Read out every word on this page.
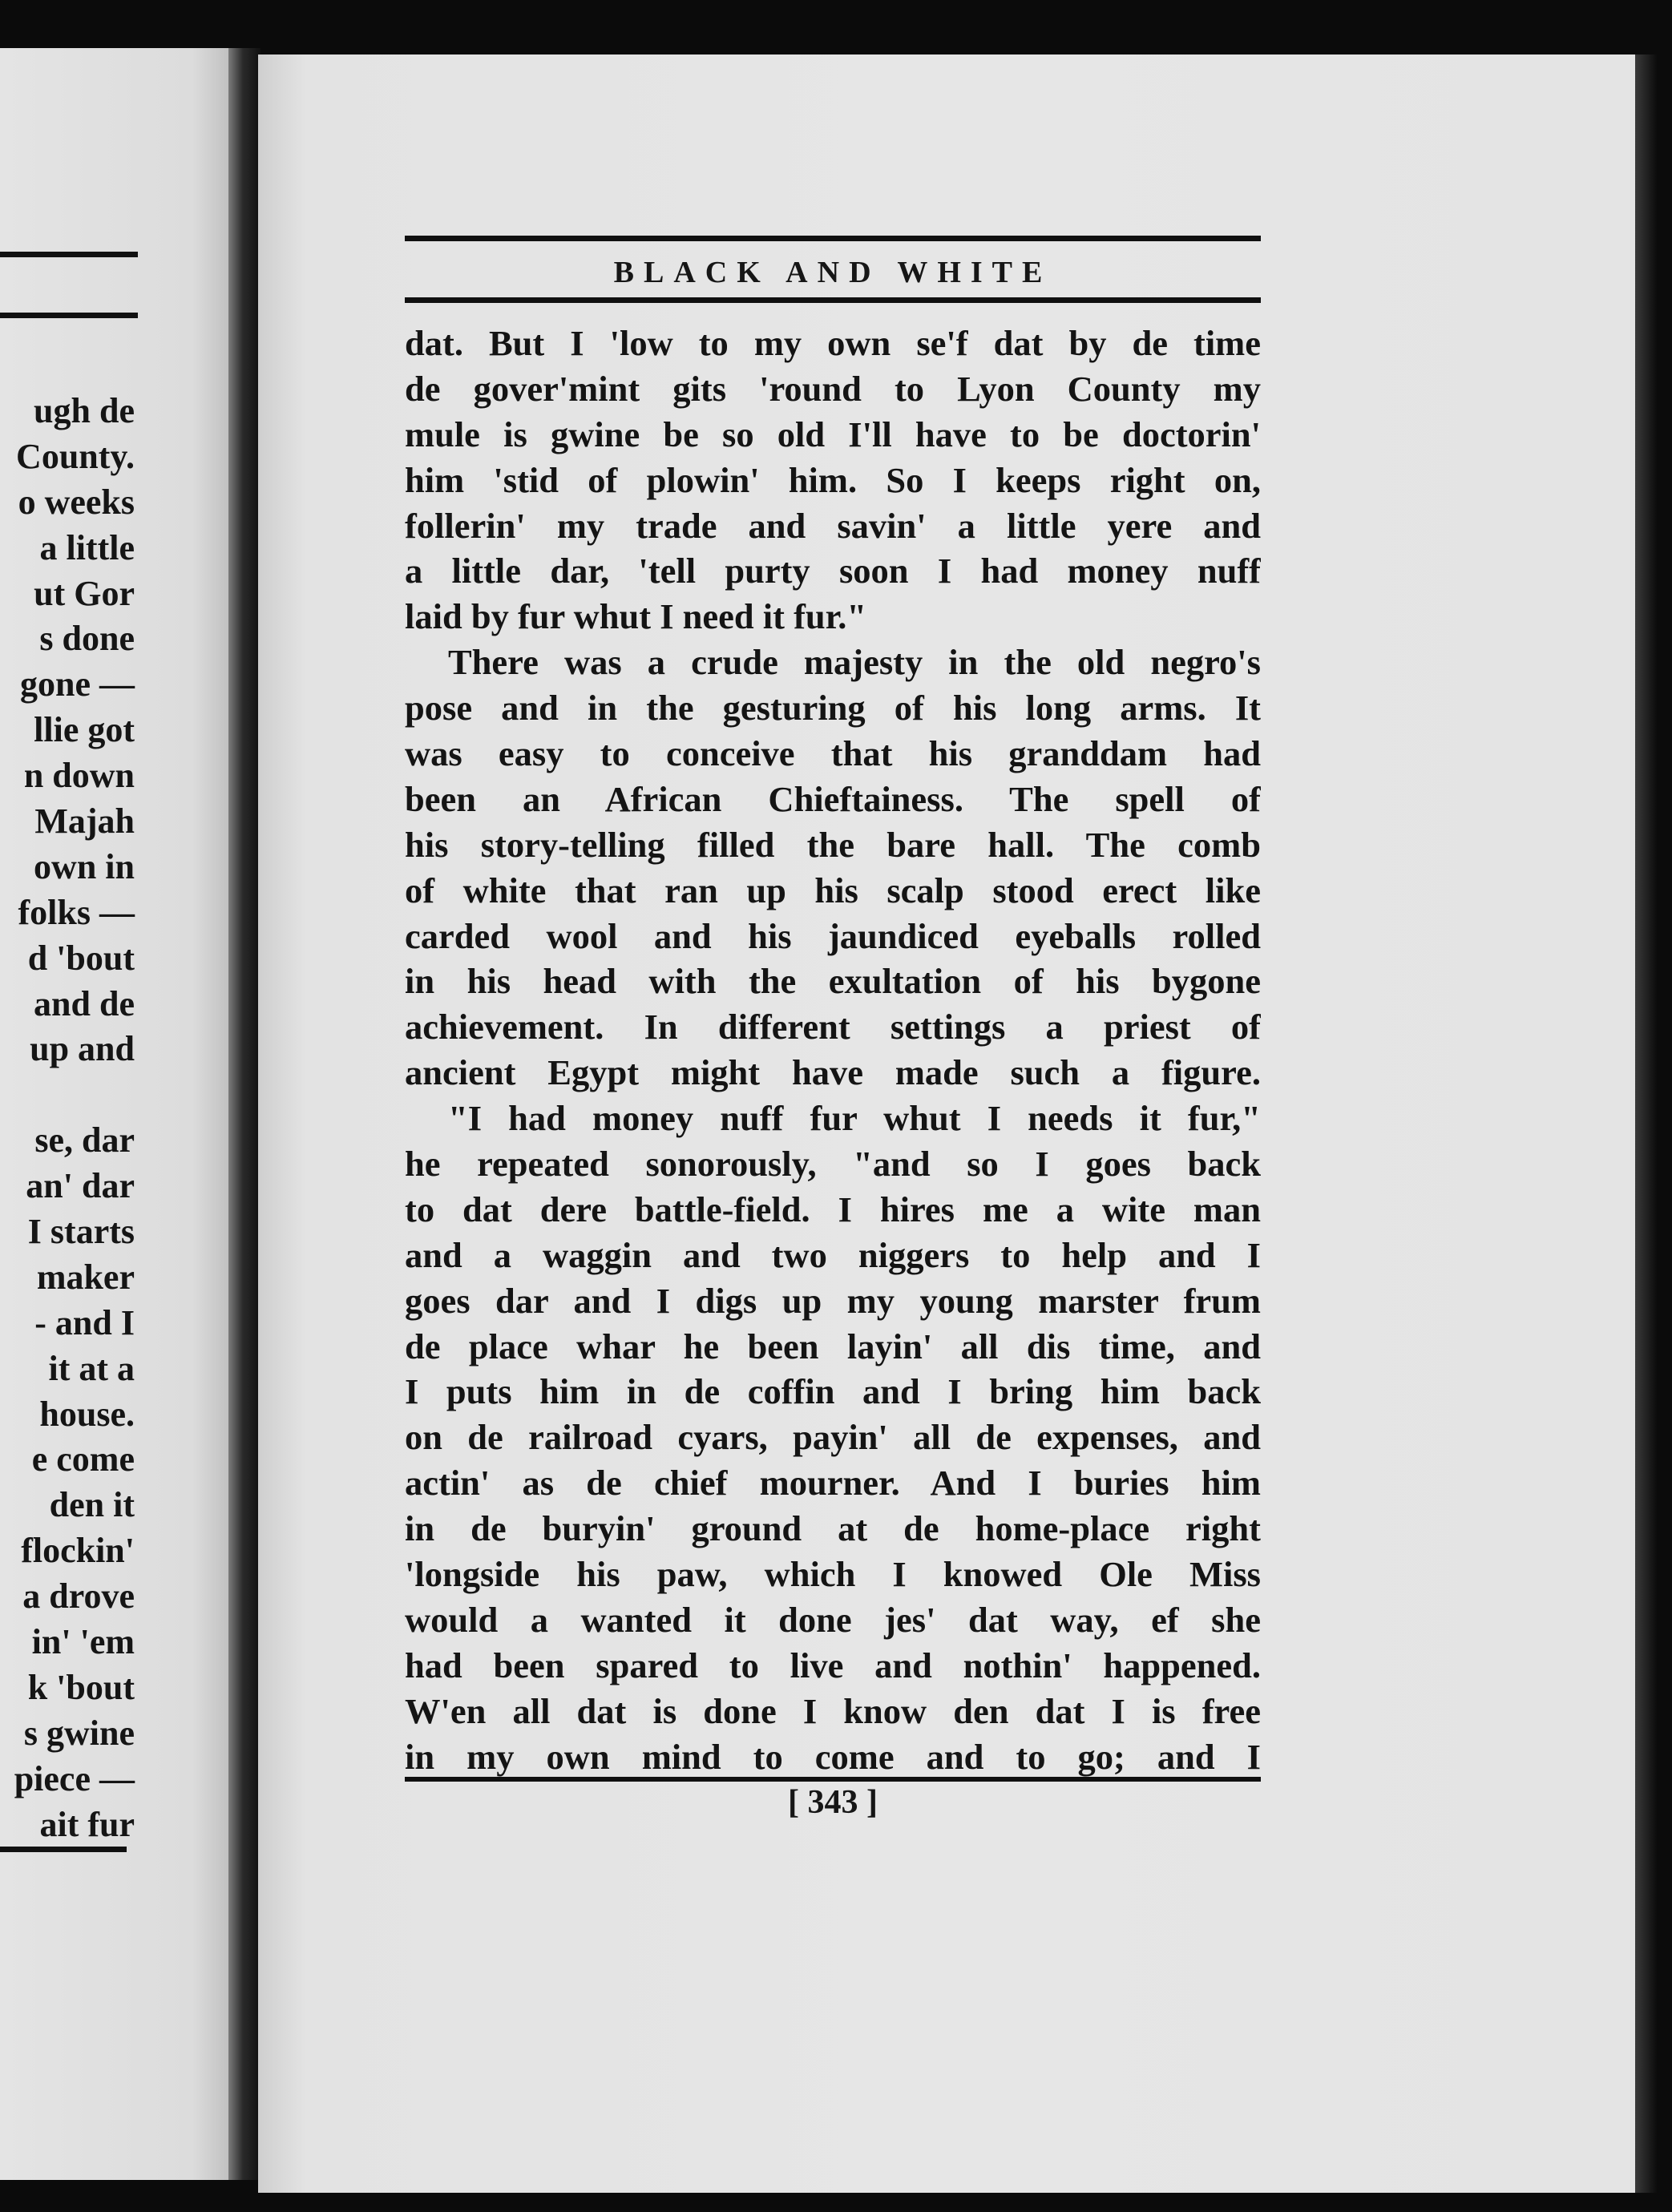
ugh de
County.
o weeks
a little
ut Gor
s done
gone —
llie got
n down
Majah
own in
folks —
d 'bout
and de
up and
se, dar
an' dar
I starts
maker
- and I
it at a
house.
e come
den it
flockin'
a drove
in' 'em
k 'bout
s gwine
piece —
ait fur
BLACK AND WHITE
dat. But I 'low to my own se'f dat by de time
de gover'mint gits 'round to Lyon County my
mule is gwine be so old I'll have to be doctorin'
him 'stid of plowin' him. So I keeps right on,
follerin' my trade and savin' a little yere and
a little dar, 'tell purty soon I had money nuff
laid by fur whut I need it fur."
There was a crude majesty in the old negro's
pose and in the gesturing of his long arms. It
was easy to conceive that his granddam had
been an African Chieftainess. The spell of
his story-telling filled the bare hall. The comb
of white that ran up his scalp stood erect like
carded wool and his jaundiced eyeballs rolled
in his head with the exultation of his bygone
achievement. In different settings a priest of
ancient Egypt might have made such a figure.
"I had money nuff fur whut I needs it fur,"
he repeated sonorously, "and so I goes back
to dat dere battle-field. I hires me a wite man
and a waggin and two niggers to help and I
goes dar and I digs up my young marster frum
de place whar he been layin' all dis time, and
I puts him in de coffin and I bring him back
on de railroad cyars, payin' all de expenses, and
actin' as de chief mourner. And I buries him
in de buryin' ground at de home-place right
'longside his paw, which I knowed Ole Miss
would a wanted it done jes' dat way, ef she
had been spared to live and nothin' happened.
W'en all dat is done I know den dat I is free
in my own mind to come and to go; and I
[ 343 ]
